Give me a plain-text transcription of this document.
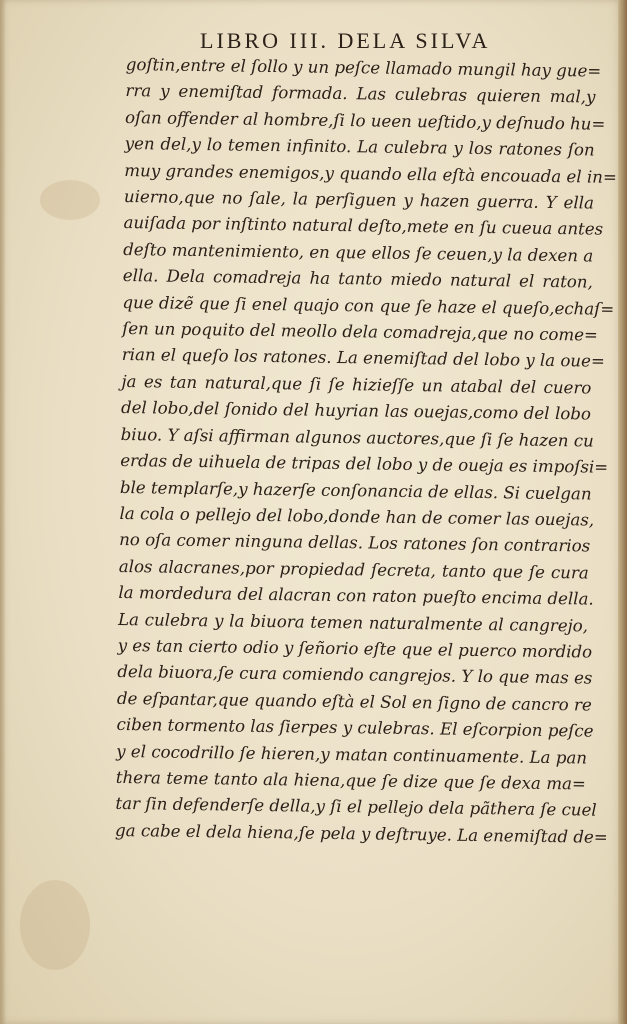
LIBRO III. DELA SILVA
goſtin,entre el ſollo y un peſce llamado mungil hay gue=
rra y enemiſtad formada. Las culebras quieren mal,y
oſan offender al hombre,ſi lo ueen ueſtido,y deſnudo hu=
yen del,y lo temen infinito. La culebra y los ratones ſon
muy grandes enemigos,y quando ella eſtà encouada el in=
uierno,que no ſale, la perſiguen y hazen guerra. Y ella
auiſada por inſtinto natural deſto,mete en ſu cueua antes
deſto mantenimiento, en que ellos ſe ceuen,y la dexen a
ella. Dela comadreja ha tanto miedo natural el raton,
que dizẽ que ſi enel quajo con que ſe haze el queſo,echaſ=
ſen un poquito del meollo dela comadreja,que no come=
rian el queſo los ratones. La enemiſtad del lobo y la oue=
ja es tan natural,que ſi ſe hizieſſe un atabal del cuero
del lobo,del ſonido del huyrian las ouejas,como del lobo
biuo. Y aſsi affirman algunos auctores,que ſi ſe hazen cu
erdas de uihuela de tripas del lobo y de oueja es impoſsi=
ble templarſe,y hazerſe conſonancia de ellas. Si cuelgan
la cola o pellejo del lobo,donde han de comer las ouejas,
no oſa comer ninguna dellas. Los ratones ſon contrarios
alos alacranes,por propiedad ſecreta, tanto que ſe cura
la mordedura del alacran con raton pueſto encima della.
La culebra y la biuora temen naturalmente al cangrejo,
y es tan cierto odio y ſeñorio eſte que el puerco mordido
dela biuora,ſe cura comiendo cangrejos. Y lo que mas es
de eſpantar,que quando eſtà el Sol en ſigno de cancro re
ciben tormento las ſierpes y culebras. El eſcorpion peſce
y el cocodrillo ſe hieren,y matan continuamente. La pan
thera teme tanto ala hiena,que ſe dize que ſe dexa ma=
tar ſin defenderſe della,y ſi el pellejo dela pãthera ſe cuel
ga cabe el dela hiena,ſe pela y deſtruye. La enemiſtad de=
